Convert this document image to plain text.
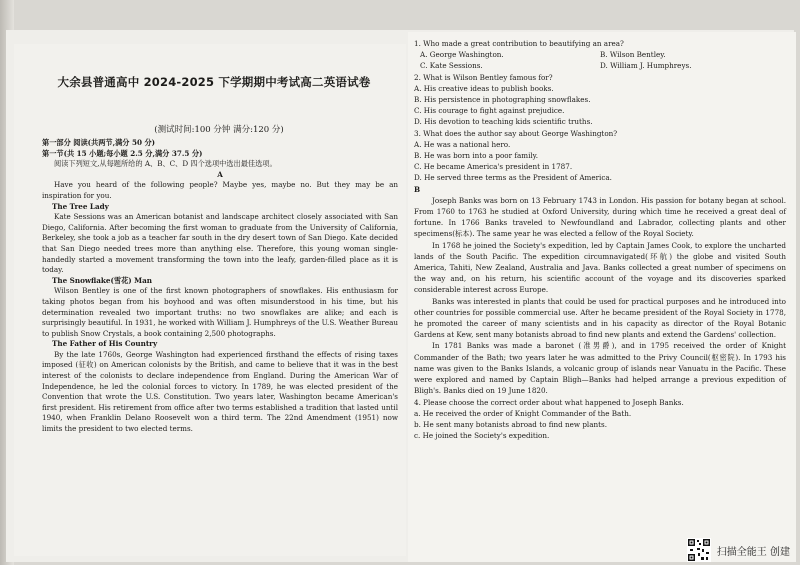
大余县普通高中 2024-2025 下学期期中考试高二英语试卷
(测试时间:100 分钟 满分:120 分)

第一部分 阅读(共两节,满分 50 分)

第一节(共 15 小题;每小题 2.5 分,满分 37.5 分)

阅读下列短文,从每题所给的 A、B、C、D 四个选项中选出最佳选项。

A

Have you heard of the following people? Maybe yes, maybe no. But they may be an inspiration for you.

The Tree Lady

Kate Sessions was an American botanist and landscape architect closely associated with San Diego, California. After becoming the first woman to graduate from the University of California, Berkeley, she took a job as a teacher far south in the dry desert town of San Diego. Kate decided that San Diego needed trees more than anything else. Therefore, this young woman single-handedly started a movement transforming the town into the leafy, garden-filled place as it is today.

The Snowflake(雪花) Man

Wilson Bentley is one of the first known photographers of snowflakes. His enthusiasm for taking photos began from his boyhood and was often misunderstood in his time, but his determination revealed two important truths: no two snowflakes are alike; and each is surprisingly beautiful. In 1931, he worked with William J. Humphreys of the U.S. Weather Bureau to publish Snow Crystals, a book containing 2,500 photographs.

The Father of His Country

By the late 1760s, George Washington had experienced firsthand the effects of rising taxes imposed (征收) on American colonists by the British, and came to believe that it was in the best interest of the colonists to declare independence from England. During the American War of Independence, he led the colonial forces to victory. In 1789, he was elected president of the Convention that wrote the U.S. Constitution. Two years later, Washington became American's first president. His retirement from office after two terms established a tradition that lasted until 1940, when Franklin Delano Roosevelt won a third term. The 22nd Amendment (1951) now limits the president to two elected terms.

1. Who made a great contribution to beautifying an area?

A. George Washington.	B. Wilson Bentley.
C. Kate Sessions.	D. William J. Humphreys.

2. What is Wilson Bentley famous for?

A. His creative ideas to publish books.

B. His persistence in photographing snowflakes.

C. His courage to fight against prejudice.

D. His devotion to teaching kids scientific truths.

3. What does the author say about George Washington?

A. He was a national hero.

B. He was born into a poor family.

C. He became America's president in 1787.

D. He served three terms as the President of America.

B

Joseph Banks was born on 13 February 1743 in London. His passion for botany began at school. From 1760 to 1763 he studied at Oxford University, during which time he received a great deal of fortune. In 1766 Banks traveled to Newfoundland and Labrador, collecting plants and other specimens(标本). The same year he was elected a fellow of the Royal Society.

In 1768 he joined the Society's expedition, led by Captain James Cook, to explore the uncharted lands of the South Pacific. The expedition circumnavigated(环航) the globe and visited South America, Tahiti, New Zealand, Australia and Java. Banks collected a great number of specimens on the way and, on his return, his scientific account of the voyage and its discoveries sparked considerable interest across Europe.

Banks was interested in plants that could be used for practical purposes and he introduced into other countries for possible commercial use. After he became president of the Royal Society in 1778, he promoted the career of many scientists and in his capacity as director of the Royal Botanic Gardens at Kew, sent many botanists abroad to find new plants and extend the Gardens' collection.

In 1781 Banks was made a baronet (准男爵), and in 1795 received the order of Knight Commander of the Bath; two years later he was admitted to the Privy Council(枢密院). In 1793 his name was given to the Banks Islands, a volcanic group of islands near Vanuatu in the Pacific. These were explored and named by Captain Bligh—Banks had helped arrange a previous expedition of Bligh's. Banks died on 19 June 1820.

4. Please choose the correct order about what happened to Joseph Banks.

a. He received the order of Knight Commander of the Bath.

b. He sent many botanists abroad to find new plants.

c. He joined the Society's expedition.

扫描全能王 创建
